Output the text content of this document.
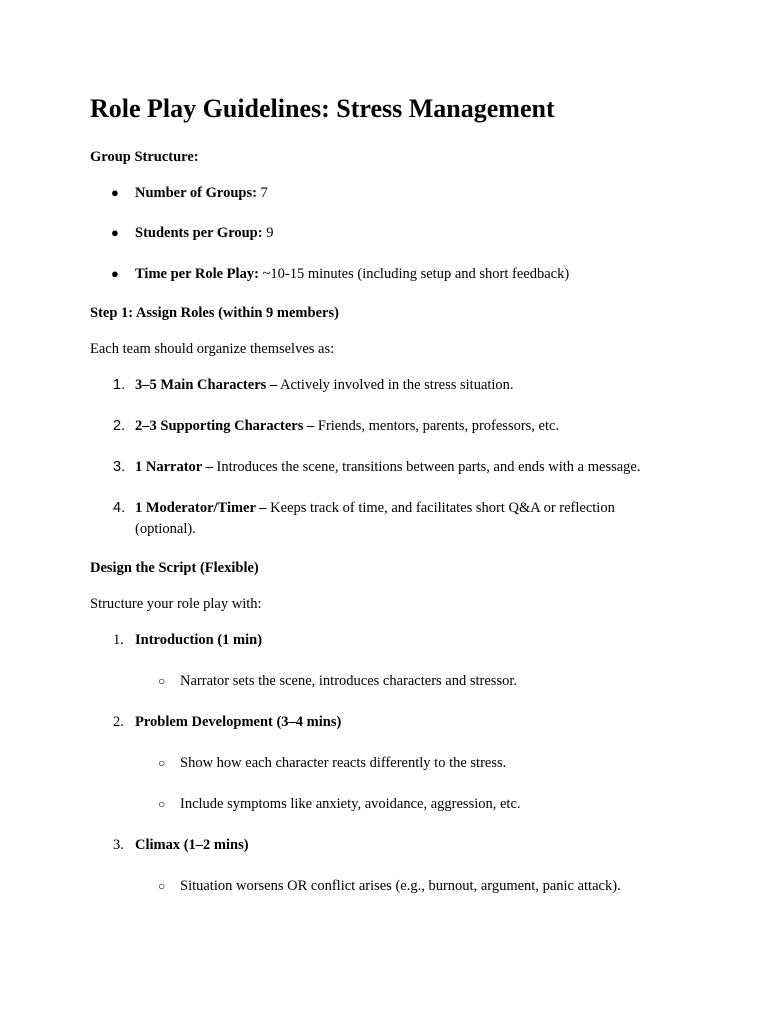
Role Play Guidelines: Stress Management
Group Structure:
● Number of Groups: 7
● Students per Group: 9
● Time per Role Play: ~10-15 minutes (including setup and short feedback)
Step 1: Assign Roles (within 9 members)
Each team should organize themselves as:
1. 3–5 Main Characters – Actively involved in the stress situation.
2. 2–3 Supporting Characters – Friends, mentors, parents, professors, etc.
3. 1 Narrator – Introduces the scene, transitions between parts, and ends with a message.
4. 1 Moderator/Timer – Keeps track of time, and facilitates short Q&A or reflection
(optional).
Design the Script (Flexible)
Structure your role play with:
1. Introduction (1 min)
○ Narrator sets the scene, introduces characters and stressor.
2. Problem Development (3–4 mins)
○ Show how each character reacts differently to the stress.
○ Include symptoms like anxiety, avoidance, aggression, etc.
3. Climax (1–2 mins)
○ Situation worsens OR conflict arises (e.g., burnout, argument, panic attack).
